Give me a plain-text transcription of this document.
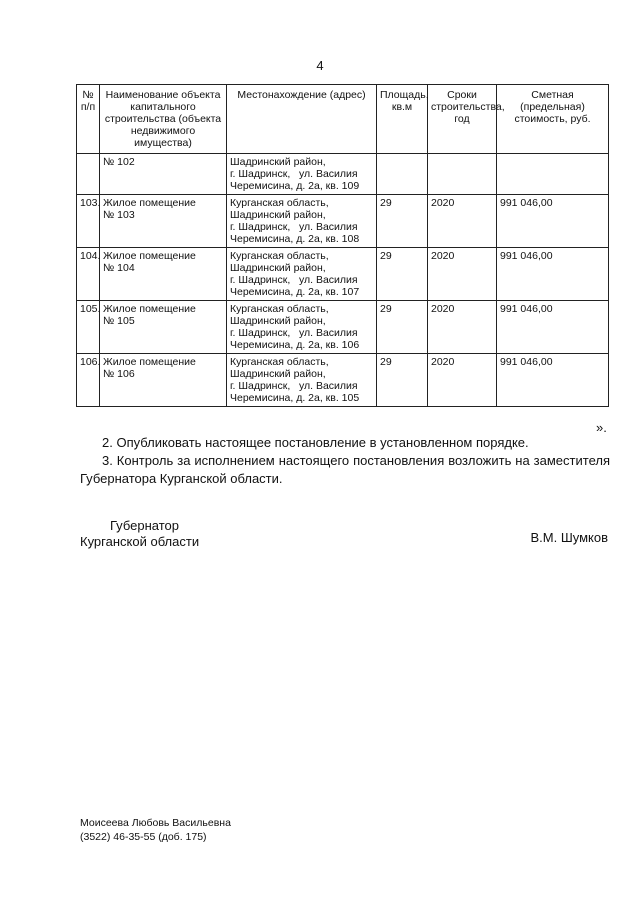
4
№ п/п	Наименование объекта капитального строительства (объекта недвижимого имущества)	Местонахождение (адрес)	Площадь, кв.м	Сроки строительства, год	Сметная (предельная) стоимость, руб.
	№ 102	Шадринский район,
г. Шадринск,   ул. Василия
Черемисина, д. 2а, кв. 109			
103.	Жилое помещение
№ 103	Курганская область,
Шадринский район,
г. Шадринск,   ул. Василия
Черемисина, д. 2а, кв. 108	29	2020	991 046,00
104.	Жилое помещение
№ 104	Курганская область,
Шадринский район,
г. Шадринск,   ул. Василия
Черемисина, д. 2а, кв. 107	29	2020	991 046,00
105.	Жилое помещение
№ 105	Курганская область,
Шадринский район,
г. Шадринск,   ул. Василия
Черемисина, д. 2а, кв. 106	29	2020	991 046,00
106.	Жилое помещение
№ 106	Курганская область,
Шадринский район,
г. Шадринск,   ул. Василия
Черемисина, д. 2а, кв. 105	29	2020	991 046,00
».
2. Опубликовать настоящее постановление в установленном порядке.
3. Контроль за исполнением настоящего постановления возложить на заместителя Губернатора Курганской области.
Губернатор
Курганской области	В.М. Шумков
Моисеева Любовь Васильевна
(3522) 46-35-55 (доб. 175)
